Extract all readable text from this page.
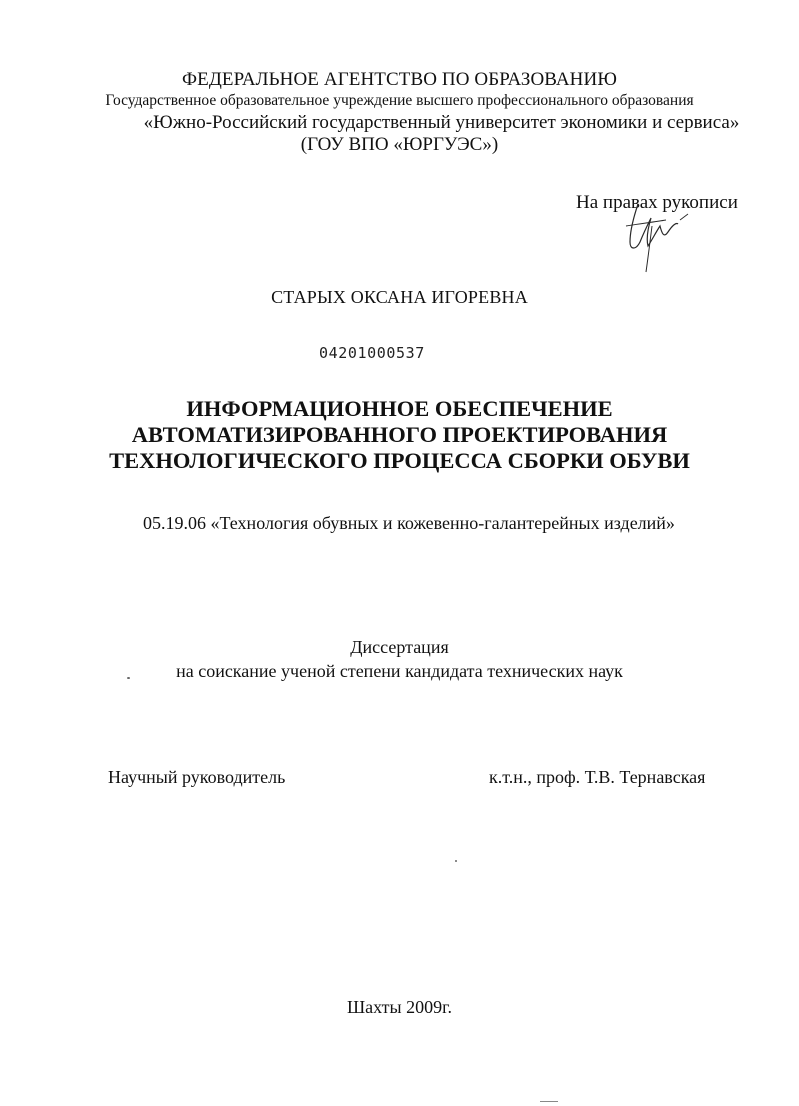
ФЕДЕРАЛЬНОЕ АГЕНТСТВО ПО ОБРАЗОВАНИЮ
Государственное образовательное учреждение высшего профессионального образования
«Южно-Российский государственный университет экономики и сервиса»
(ГОУ ВПО «ЮРГУЭС»)
На правах рукописи
СТАРЫХ ОКСАНА ИГОРЕВНА
04201000537
ИНФОРМАЦИОННОЕ ОБЕСПЕЧЕНИЕ
АВТОМАТИЗИРОВАННОГО ПРОЕКТИРОВАНИЯ
ТЕХНОЛОГИЧЕСКОГО ПРОЦЕССА СБОРКИ ОБУВИ
05.19.06 «Технология обувных и кожевенно-галантерейных изделий»
Диссертация
на соискание ученой степени кандидата технических наук
Научный руководитель	к.т.н., проф. Т.В. Тернавская
Шахты 2009г.
